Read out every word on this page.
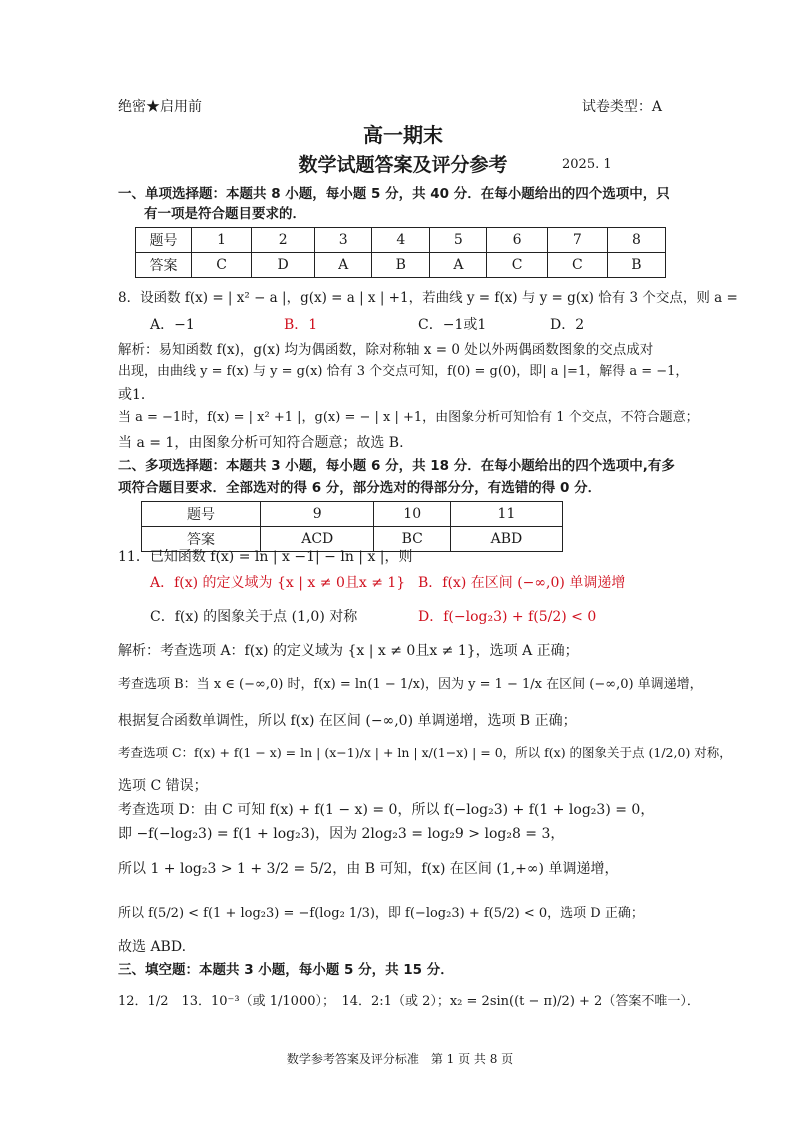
绝密★启用前	试卷类型：A
高一期末
数学试题答案及评分参考	2025. 1
一、单项选择题：本题共 8 小题，每小题 5 分，共 40 分．在每小题给出的四个选项中，只
有一项是符合题目要求的．
题号	1	2	3	4	5	6	7	8
答案	C	D	A	B	A	C	C	B
8．设函数 f(x) = | x² − a |，g(x) = a | x | +1，若曲线 y = f(x) 与 y = g(x) 恰有 3 个交点，则 a =
A．−1	B．1	C．−1或1	D．2
解析：易知函数 f(x)，g(x) 均为偶函数，除对称轴 x = 0 处以外两偶函数图象的交点成对
出现，由曲线 y = f(x) 与 y = g(x) 恰有 3 个交点可知，f(0) = g(0)，即| a |=1，解得 a = −1，
或1．
当 a = −1时，f(x) = | x² +1 |，g(x) = − | x | +1，由图象分析可知恰有 1 个交点，不符合题意；
当 a = 1，由图象分析可知符合题意；故选 B.
二、多项选择题：本题共 3 小题，每小题 6 分，共 18 分．在每小题给出的四个选项中,有多
项符合题目要求．全部选对的得 6 分，部分选对的得部分分，有选错的得 0 分．
题号	9	10	11
答案	ACD	BC	ABD
11．已知函数 f(x) = ln | x −1| − ln | x |，则
A．f(x) 的定义域为 {x | x ≠ 0且x ≠ 1} B．f(x) 在区间 (−∞,0) 单调递增
C．f(x) 的图象关于点 (1,0) 对称	D．f(−log₂3) + f(5/2) < 0
解析：考查选项 A：f(x) 的定义域为 {x | x ≠ 0且x ≠ 1}，选项 A 正确；
考查选项 B：当 x ∈ (−∞,0) 时，f(x) = ln(1 − 1/x)，因为 y = 1 − 1/x 在区间 (−∞,0) 单调递增，
根据复合函数单调性，所以 f(x) 在区间 (−∞,0) 单调递增，选项 B 正确；
考查选项 C：f(x) + f(1 − x) = ln | (x−1)/x | + ln | x/(1−x) | = 0，所以 f(x) 的图象关于点 (1/2,0) 对称，
选项 C 错误；
考查选项 D：由 C 可知 f(x) + f(1 − x) = 0，所以 f(−log₂3) + f(1 + log₂3) = 0，
即 −f(−log₂3) = f(1 + log₂3)，因为 2log₂3 = log₂9 > log₂8 = 3，
所以 1 + log₂3 > 1 + 3/2 = 5/2，由 B 可知，f(x) 在区间 (1,+∞) 单调递增，
所以 f(5/2) < f(1 + log₂3) = −f(log₂ 1/3)，即 f(−log₂3) + f(5/2) < 0，选项 D 正确；
故选 ABD.
三、填空题：本题共 3 小题，每小题 5 分，共 15 分．
12．1/2　13．10⁻³（或 1/1000）；　14．2:1（或 2）；x₂ = 2sin((t − π)/2) + 2（答案不唯一）．
数学参考答案及评分标准　第 1 页 共 8 页
